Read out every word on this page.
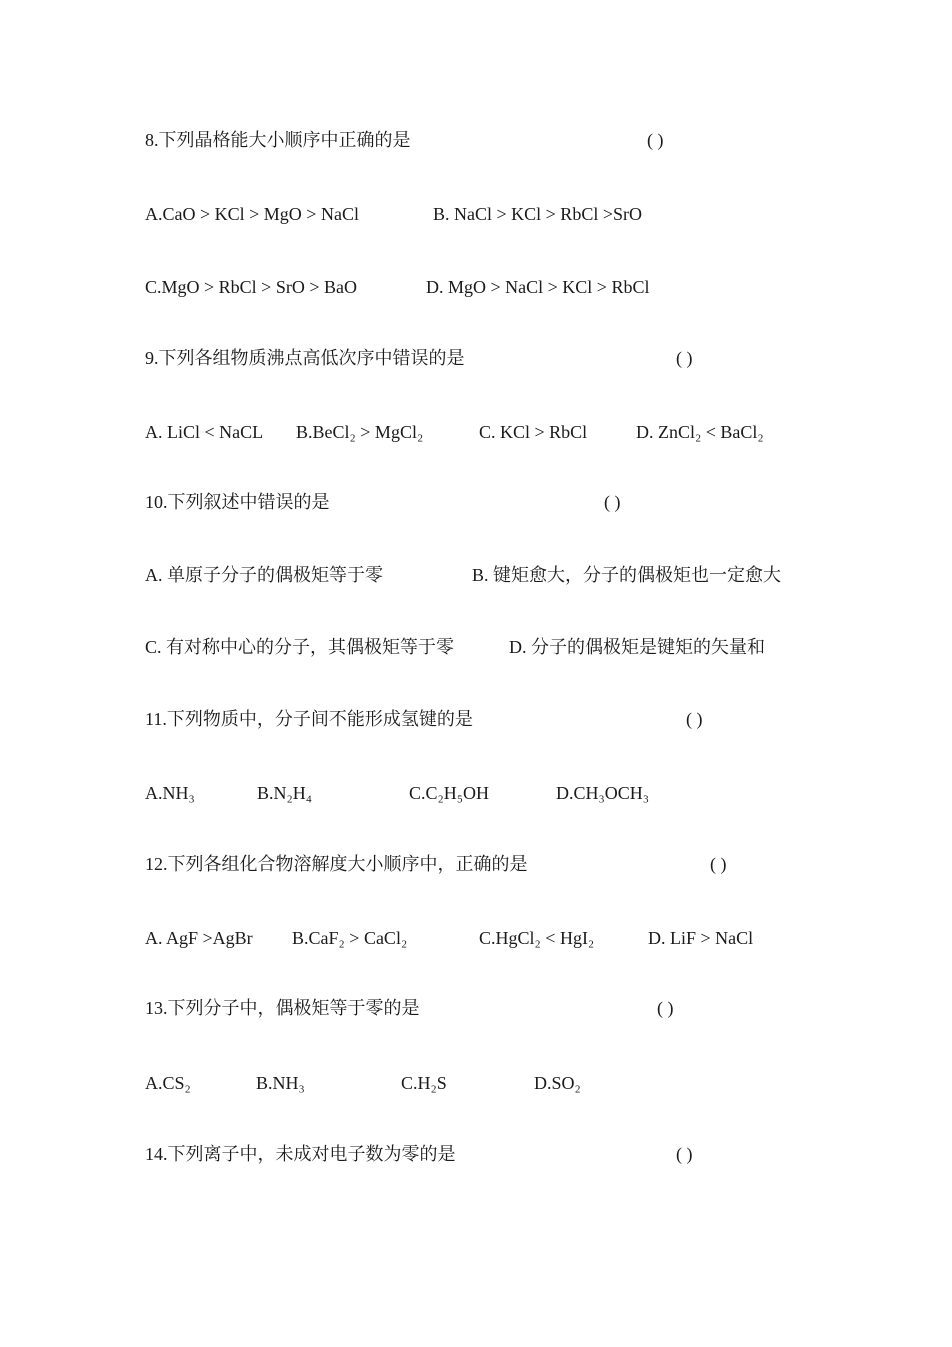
8.下列晶格能大小顺序中正确的是	( )
A.CaO > KCl > MgO > NaCl	B. NaCl > KCl > RbCl >SrO
C.MgO > RbCl > SrO > BaO	D. MgO > NaCl > KCl > RbCl
9.下列各组物质沸点高低次序中错误的是	( )
A. LiCl < NaCL B.BeCl₂ > MgCl₂	C. KCl > RbCl	D. ZnCl₂ < BaCl₂
10.下列叙述中错误的是	( )
A. 单原子分子的偶极矩等于零	B. 键矩愈大，分子的偶极矩也一定愈大
C. 有对称中心的分子，其偶极矩等于零	D. 分子的偶极矩是键矩的矢量和
11.下列物质中，分子间不能形成氢键的是	( )
A.NH₃	B.N₂H₄	C.C₂H₅OH	D.CH₃OCH₃
12.下列各组化合物溶解度大小顺序中，正确的是	( )
A. AgF >AgBr B.CaF₂ > CaCl₂	C.HgCl₂ < HgI₂	D. LiF > NaCl
13.下列分子中，偶极矩等于零的是	( )
A.CS₂	B.NH₃	C.H₂S	D.SO₂
14.下列离子中，未成对电子数为零的是	( )
